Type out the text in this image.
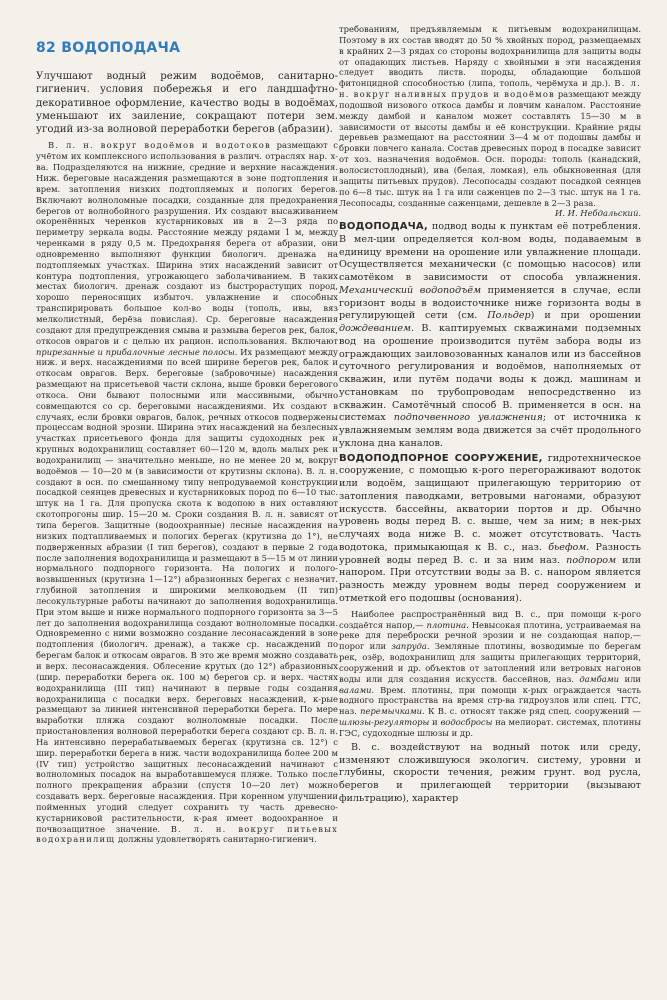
82 ВОДОПОДАЧА

Улучшают водный режим водоёмов, санитарно-гигиенич. условия побережья и его ландшафтно-декоративное оформление, качество воды в водоёмах, уменьшают их заиление, сокращают потери зем. угодий из-за волновой переработки берегов (абразии).

В. л. н. вокруг водоёмов и водотоков размещают с учётом их комплексного использования в различ. отраслях нар. х-ва. Подразделяются на нижние, средние и верхние насаждения. Ниж. береговые насаждения размещаются в зоне подтопления и врем. затопления низких подтопляемых и пологих берегов. Включают волноломные посадки, созданные для предохранения берегов от волнобойного разрушения. Их создают высаживанием окоренённых черенков кустарниковых ив в 2—3 ряда по периметру зеркала воды. Расстояние между рядами 1 м, между черенками в ряду 0,5 м. Предохраняя берега от абразии, они одновременно выполняют функции биологич. дренажа на подтопляемых участках. Ширина этих насаждений зависит от контура подтопления, угрожающего заболачиванием. В таких местах биологич. дренаж создают из быстрорастущих пород, хорошо переносящих избыточ. увлажнение и способных транспирировать большое кол-во воды (тополь, ивы, вяз мелколистный, берёза повислая). Ср. береговые насаждения создают для предупреждения смыва и размыва берегов рек, балок, откосов оврагов и с целью их рацион. использования. Включают прирезанные и прибалочные лесные полосы. Их размещают между ниж. и верх. насаждениями по всей ширине берегов рек, балок и откосам оврагов. Верх. береговые (забровочные) насаждения размещают на присетьевой части склона, выше бровки берегового откоса. Они бывают полосными или массивными, обычно совмещаются со ср. береговыми насаждениями. Их создают в случаях, если бровки оврагов, балок, речных откосов подвержены процессам водной эрозии. Ширина этих насаждений на безлесных участках присетьевого фонда для защиты судоходных рек и крупных водохранилищ составляет 60—120 м, вдоль малых рек и водохранилищ — значительно меньше, но не менее 20 м, вокруг водоёмов — 10—20 м (в зависимости от крутизны склона). В. л. н. создают в осн. по смешанному типу непродуваемой конструкции посадкой сеянцев древесных и кустарниковых пород по 6—10 тыс. штук на 1 га. Для пропуска скота к водопою в них оставляют скотопрогоны шир. 15—20 м. Сроки создания В. л. н. зависят от типа берегов. Защитные (водоохранные) лесные насаждения на низких подтапливаемых и пологих берегах (крутизна до 1°), не подверженных абразии (I тип берегов), создают в первые 2 года после заполнения водохранилища и размещают в 5—15 м от линии нормального подпорного горизонта. На пологих и полого-возвышенных (крутизна 1—12°) абразионных берегах с незначит. глубиной затопления и широкими мелководьем (II тип) лесокультурные работы начинают до заполнения водохранилища. При этом выше и ниже нормального подпорного горизонта за 3—5 лет до заполнения водохранилища создают волноломные посадки. Одновременно с ними возможно создание лесонасаждений в зоне подтопления (биологич. дренаж), а также ср. насаждений по берегам балок и откосам оврагов. В это же время можно создавать и верх. лесонасаждения. Облесение крутых (до 12°) абразионных (шир. переработки берега ок. 100 м) берегов ср. и верх. частях водохранилища (III тип) начинают в первые годы создания водохранилища с посадки верх. береговых насаждений, к-рые размещают за линией интенсивной переработки берега. По мере выработки пляжа создают волноломные посадки. После приостановления волновой переработки берега создают ср. В. л. н. На интенсивно перерабатываемых берегах (крутизна св. 12°) с шир. переработки берега в ниж. части водохранилища более 200 м (IV тип) устройство защитных лесонасаждений начинают с волноломных посадок на выработавшемуся пляже. Только после полного прекращения абразии (спустя 10—20 лет) можно создавать верх. береговые насаждения. При коренном улучшении пойменных угодий следует сохранить ту часть древесно-кустарниковой растительности, к-рая имеет водоохранное и почвозащитное значение. В. л. н. вокруг питьевых водохранилищ должны удовлетворять санитарно-гигиенич.

требованиям, предъявляемым к питьевым водохранилищам. Поэтому в их состав вводят до 50 % хвойных пород, размещаемых в крайних 2—3 рядах со стороны водохранилища для защиты воды от опадающих листьев. Наряду с хвойными в эти насаждения следует вводить листв. породы, обладающие большой фитонцидной способностью (липа, тополь, черёмуха и др.). В. л. н. вокруг наливных прудов и водоёмов размещают между подошвой низового откоса дамбы и ловчим каналом. Расстояние между дамбой и каналом может составлять 15—30 м в зависимости от высоты дамбы и её конструкции. Крайние ряды деревьев размещают на расстоянии 3—4 м от подошвы дамбы и бровки ловчего канала. Состав древесных пород в посадке зависит от хоз. назначения водоёмов. Осн. породы: тополь (канадский, волосистоплодный), ива (белая, ломкая), ель обыкновенная (для защиты питьевых прудов). Лесопосады создают посадкой сеянцев по 6—8 тыс. штук на 1 га или саженцев по 2—3 тыс. штук на 1 га. Лесопосады, созданные саженцами, дешевле в 2—3 раза.

И. И. Небдальский.

ВОДОПОДАЧА, подвод воды к пунктам её потребления. В мел-ции определяется кол-вом воды, подаваемым в единицу времени на орошение или увлажнение площади. Осуществляется механически (с помощью насосов) или самотёком в зависимости от способа увлажнения. Механический водоподъём применяется в случае, если горизонт воды в водоисточнике ниже горизонта воды в регулирующей сети (см. Польдер) и при орошении дождеванием. В. каптируемых скважинами подземных вод на орошение производится путём забора воды из ограждающих заиловозованных каналов или из бассейнов суточного регулирования и водоёмов, наполняемых от скважин, или путём подачи воды к дожд. машинам и установкам по трубопроводам непосредственно из скважин. Самотёчный способ В. применяется в осн. на системах подпочвенного увлажнения; от источника к увлажняемым землям вода движется за счёт продольного уклона дна каналов.

ВОДОПОДПОРНОЕ СООРУЖЕНИЕ, гидротехническое сооружение, с помощью к-рого перегораживают водоток или водоём, защищают прилегающую территорию от затопления паводками, ветровыми нагонами, образуют искусств. бассейны, акватории портов и др. Обычно уровень воды перед В. с. выше, чем за ним; в нек-рых случаях вода ниже В. с. может отсутствовать. Часть водотока, примыкающая к В. с., наз. бьефом. Разность уровней воды перед В. с. и за ним наз. подпором или напором. При отсутствии воды за В. с. напором является разность между уровнем воды перед сооружением и отметкой его подошвы (основания).

Наиболее распространённый вид В. с., при помощи к-рого создаётся напор,— плотина. Невысокая плотина, устраиваемая на реке для переброски речной эрозии и не создающая напор,— порог или запруда. Земляные плотины, возводимые по берегам рек, озёр, водохранилищ для защиты прилегающих территорий, сооружений и др. объектов от затоплений или ветровых нагонов воды или для создания искусств. бассейнов, наз. дамбами или валами. Врем. плотины, при помощи к-рых ограждается часть водного пространства на время стр-ва гидроузлов или спец. ГТС, наз. перемычками. К В. с. относят также ряд спец. сооружений — шлюзы-регуляторы и водосбросы на мелиорат. системах, плотины ГЭС, судоходные шлюзы и др.

В. с. воздействуют на водный поток или среду, изменяют сложившуюся экологич. систему, уровни и глубины, скорости течения, режим грунт. вод русла, берегов и прилегающей территории (вызывают фильтрацию), характер
